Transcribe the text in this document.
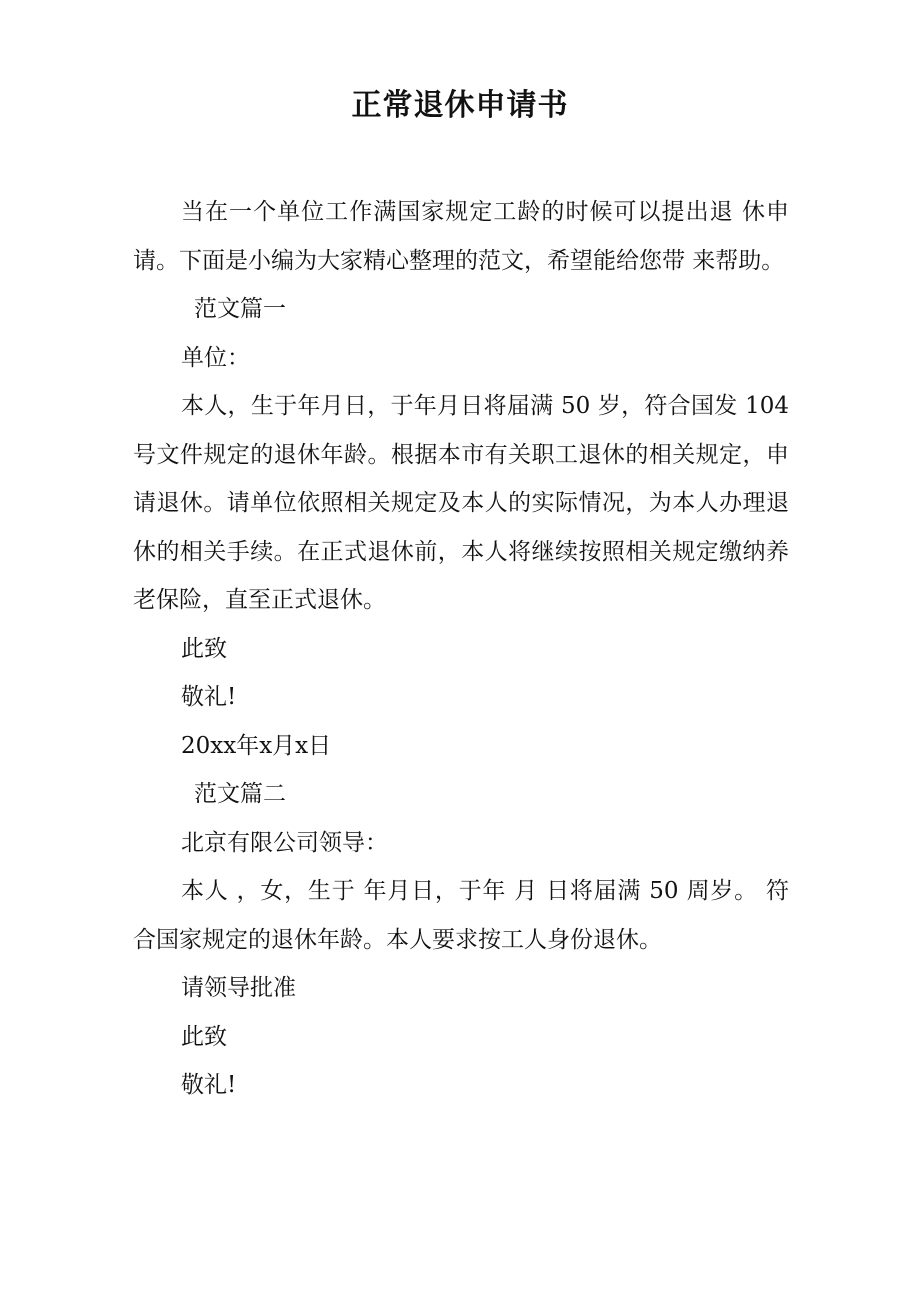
正常退休申请书

当在一个单位工作满国家规定工龄的时候可以提出退 休申请。下面是小编为大家精心整理的范文，希望能给您带 来帮助。

范文篇一

单位：

本人，生于年月日，于年月日将届满 50 岁，符合国发 104 号文件规定的退休年龄。根据本市有关职工退休的相关规定，申请退休。请单位依照相关规定及本人的实际情况，为本人办理退休的相关手续。在正式退休前，本人将继续按照相关规定缴纳养老保险，直至正式退休。

此致

敬礼!

20xx年x月x日

范文篇二

北京有限公司领导：

本人 ，女，生于 年月日，于年 月 日将届满 50 周岁。 符合国家规定的退休年龄。本人要求按工人身份退休。

请领导批准

此致

敬礼!
